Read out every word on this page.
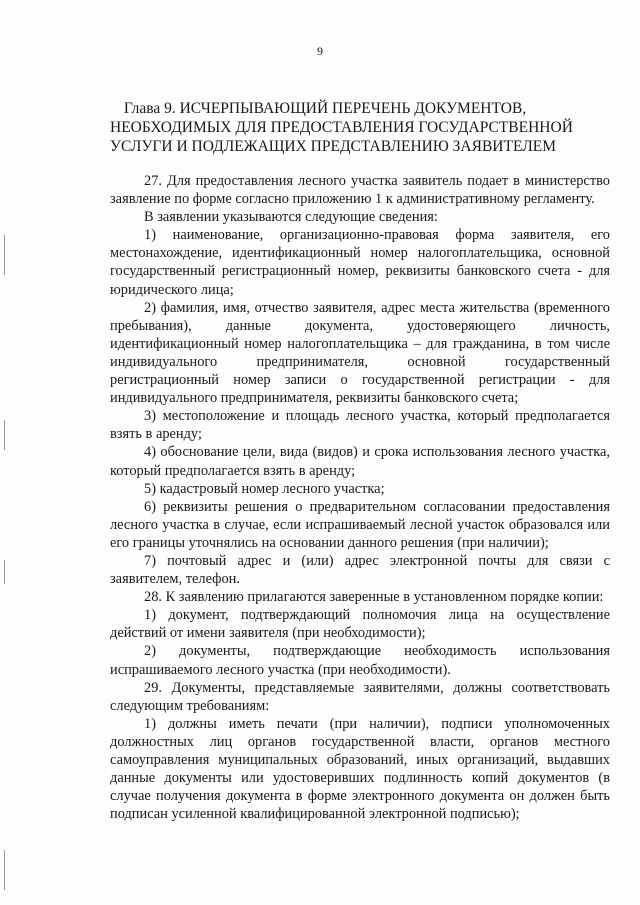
9
Глава 9. ИСЧЕРПЫВАЮЩИЙ ПЕРЕЧЕНЬ ДОКУМЕНТОВ,
НЕОБХОДИМЫХ ДЛЯ ПРЕДОСТАВЛЕНИЯ ГОСУДАРСТВЕННОЙ
УСЛУГИ И ПОДЛЕЖАЩИХ ПРЕДСТАВЛЕНИЮ ЗАЯВИТЕЛЕМ

27. Для предоставления лесного участка заявитель подает в министерство заявление по форме согласно приложению 1 к административному регламенту.

В заявлении указываются следующие сведения:

1) наименование, организационно-правовая форма заявителя, его местонахождение, идентификационный номер налогоплательщика, основной государственный регистрационный номер, реквизиты банковского счета - для юридического лица;

2) фамилия, имя, отчество заявителя, адрес места жительства (временного пребывания), данные документа, удостоверяющего личность, идентификационный номер налогоплательщика – для гражданина, в том числе индивидуального предпринимателя, основной государственный регистрационный номер записи о государственной регистрации - для индивидуального предпринимателя, реквизиты банковского счета;

3) местоположение и площадь лесного участка, который предполагается взять в аренду;

4) обоснование цели, вида (видов) и срока использования лесного участка, который предполагается взять в аренду;

5) кадастровый номер лесного участка;

6) реквизиты решения о предварительном согласовании предоставления лесного участка в случае, если испрашиваемый лесной участок образовался или его границы уточнялись на основании данного решения (при наличии);

7) почтовый адрес и (или) адрес электронной почты для связи с заявителем, телефон.

28. К заявлению прилагаются заверенные в установленном порядке копии:

1) документ, подтверждающий полномочия лица на осуществление действий от имени заявителя (при необходимости);

2) документы, подтверждающие необходимость использования испрашиваемого лесного участка (при необходимости).

29. Документы, представляемые заявителями, должны соответствовать следующим требованиям:

1) должны иметь печати (при наличии), подписи уполномоченных должностных лиц органов государственной власти, органов местного самоуправления муниципальных образований, иных организаций, выдавших данные документы или удостоверивших подлинность копий документов (в случае получения документа в форме электронного документа он должен быть подписан усиленной квалифицированной электронной подписью);
